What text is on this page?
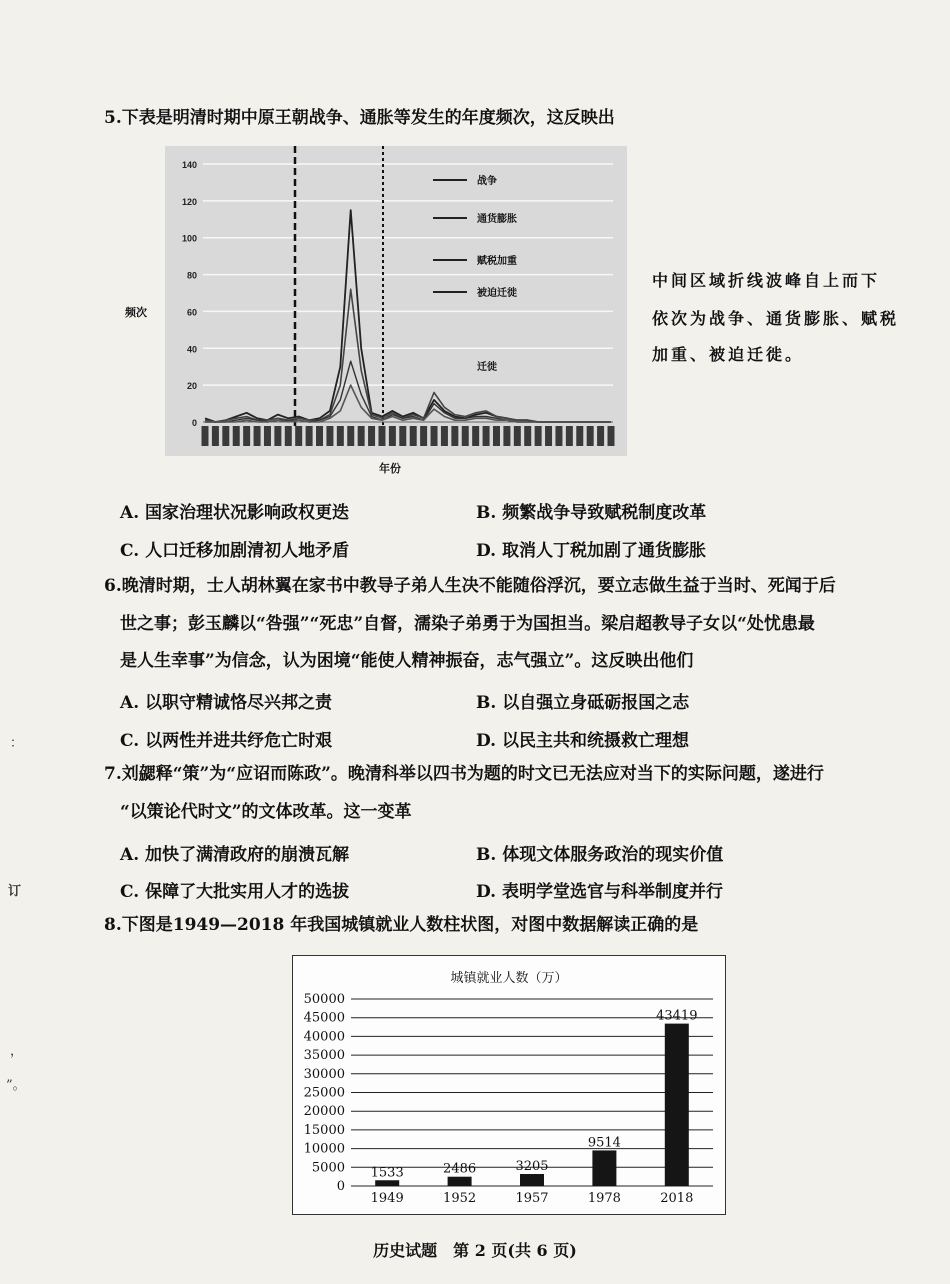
5.下表是明清时期中原王朝战争、通胀等发生的年度频次，这反映出
0
20
40
60
80
100
120
140
战争
通货膨胀
赋税加重
被迫迁徙
迁徙
频次
年份
中间区域折线波峰自上而下
依次为战争、通货膨胀、赋税
加重、被迫迁徙。
A. 国家治理状况影响政权更迭	B. 频繁战争导致赋税制度改革
C. 人口迁移加剧清初人地矛盾	D. 取消人丁税加剧了通货膨胀
6.晚清时期，士人胡林翼在家书中教导子弟人生决不能随俗浮沉，要立志做生益于当时、死闻于后
世之事；彭玉麟以“咎强”“死忠”自督，濡染子弟勇于为国担当。梁启超教导子女以“处忧患最
是人生幸事”为信念，认为困境“能使人精神振奋，志气强立”。这反映出他们
A. 以职守精诚恪尽兴邦之责	B. 以自强立身砥砺报国之志
C. 以两性并进共纾危亡时艰	D. 以民主共和统摄救亡理想
7.刘勰释“策”为“应诏而陈政”。晚清科举以四书为题的时文已无法应对当下的实际问题，遂进行
“以策论代时文”的文体改革。这一变革
A. 加快了满清政府的崩溃瓦解	B. 体现文体服务政治的现实价值
C. 保障了大批实用人才的选拔	D. 表明学堂选官与科举制度并行
8.下图是1949—2018 年我国城镇就业人数柱状图，对图中数据解读正确的是
城镇就业人数（万）
0
5000
10000
15000
20000
25000
30000
35000
40000
45000
50000
1533
1949
2486
1952
3205
1957
9514
1978
43419
2018
：
订
，
”。
历史试题　第 2 页(共 6 页)
